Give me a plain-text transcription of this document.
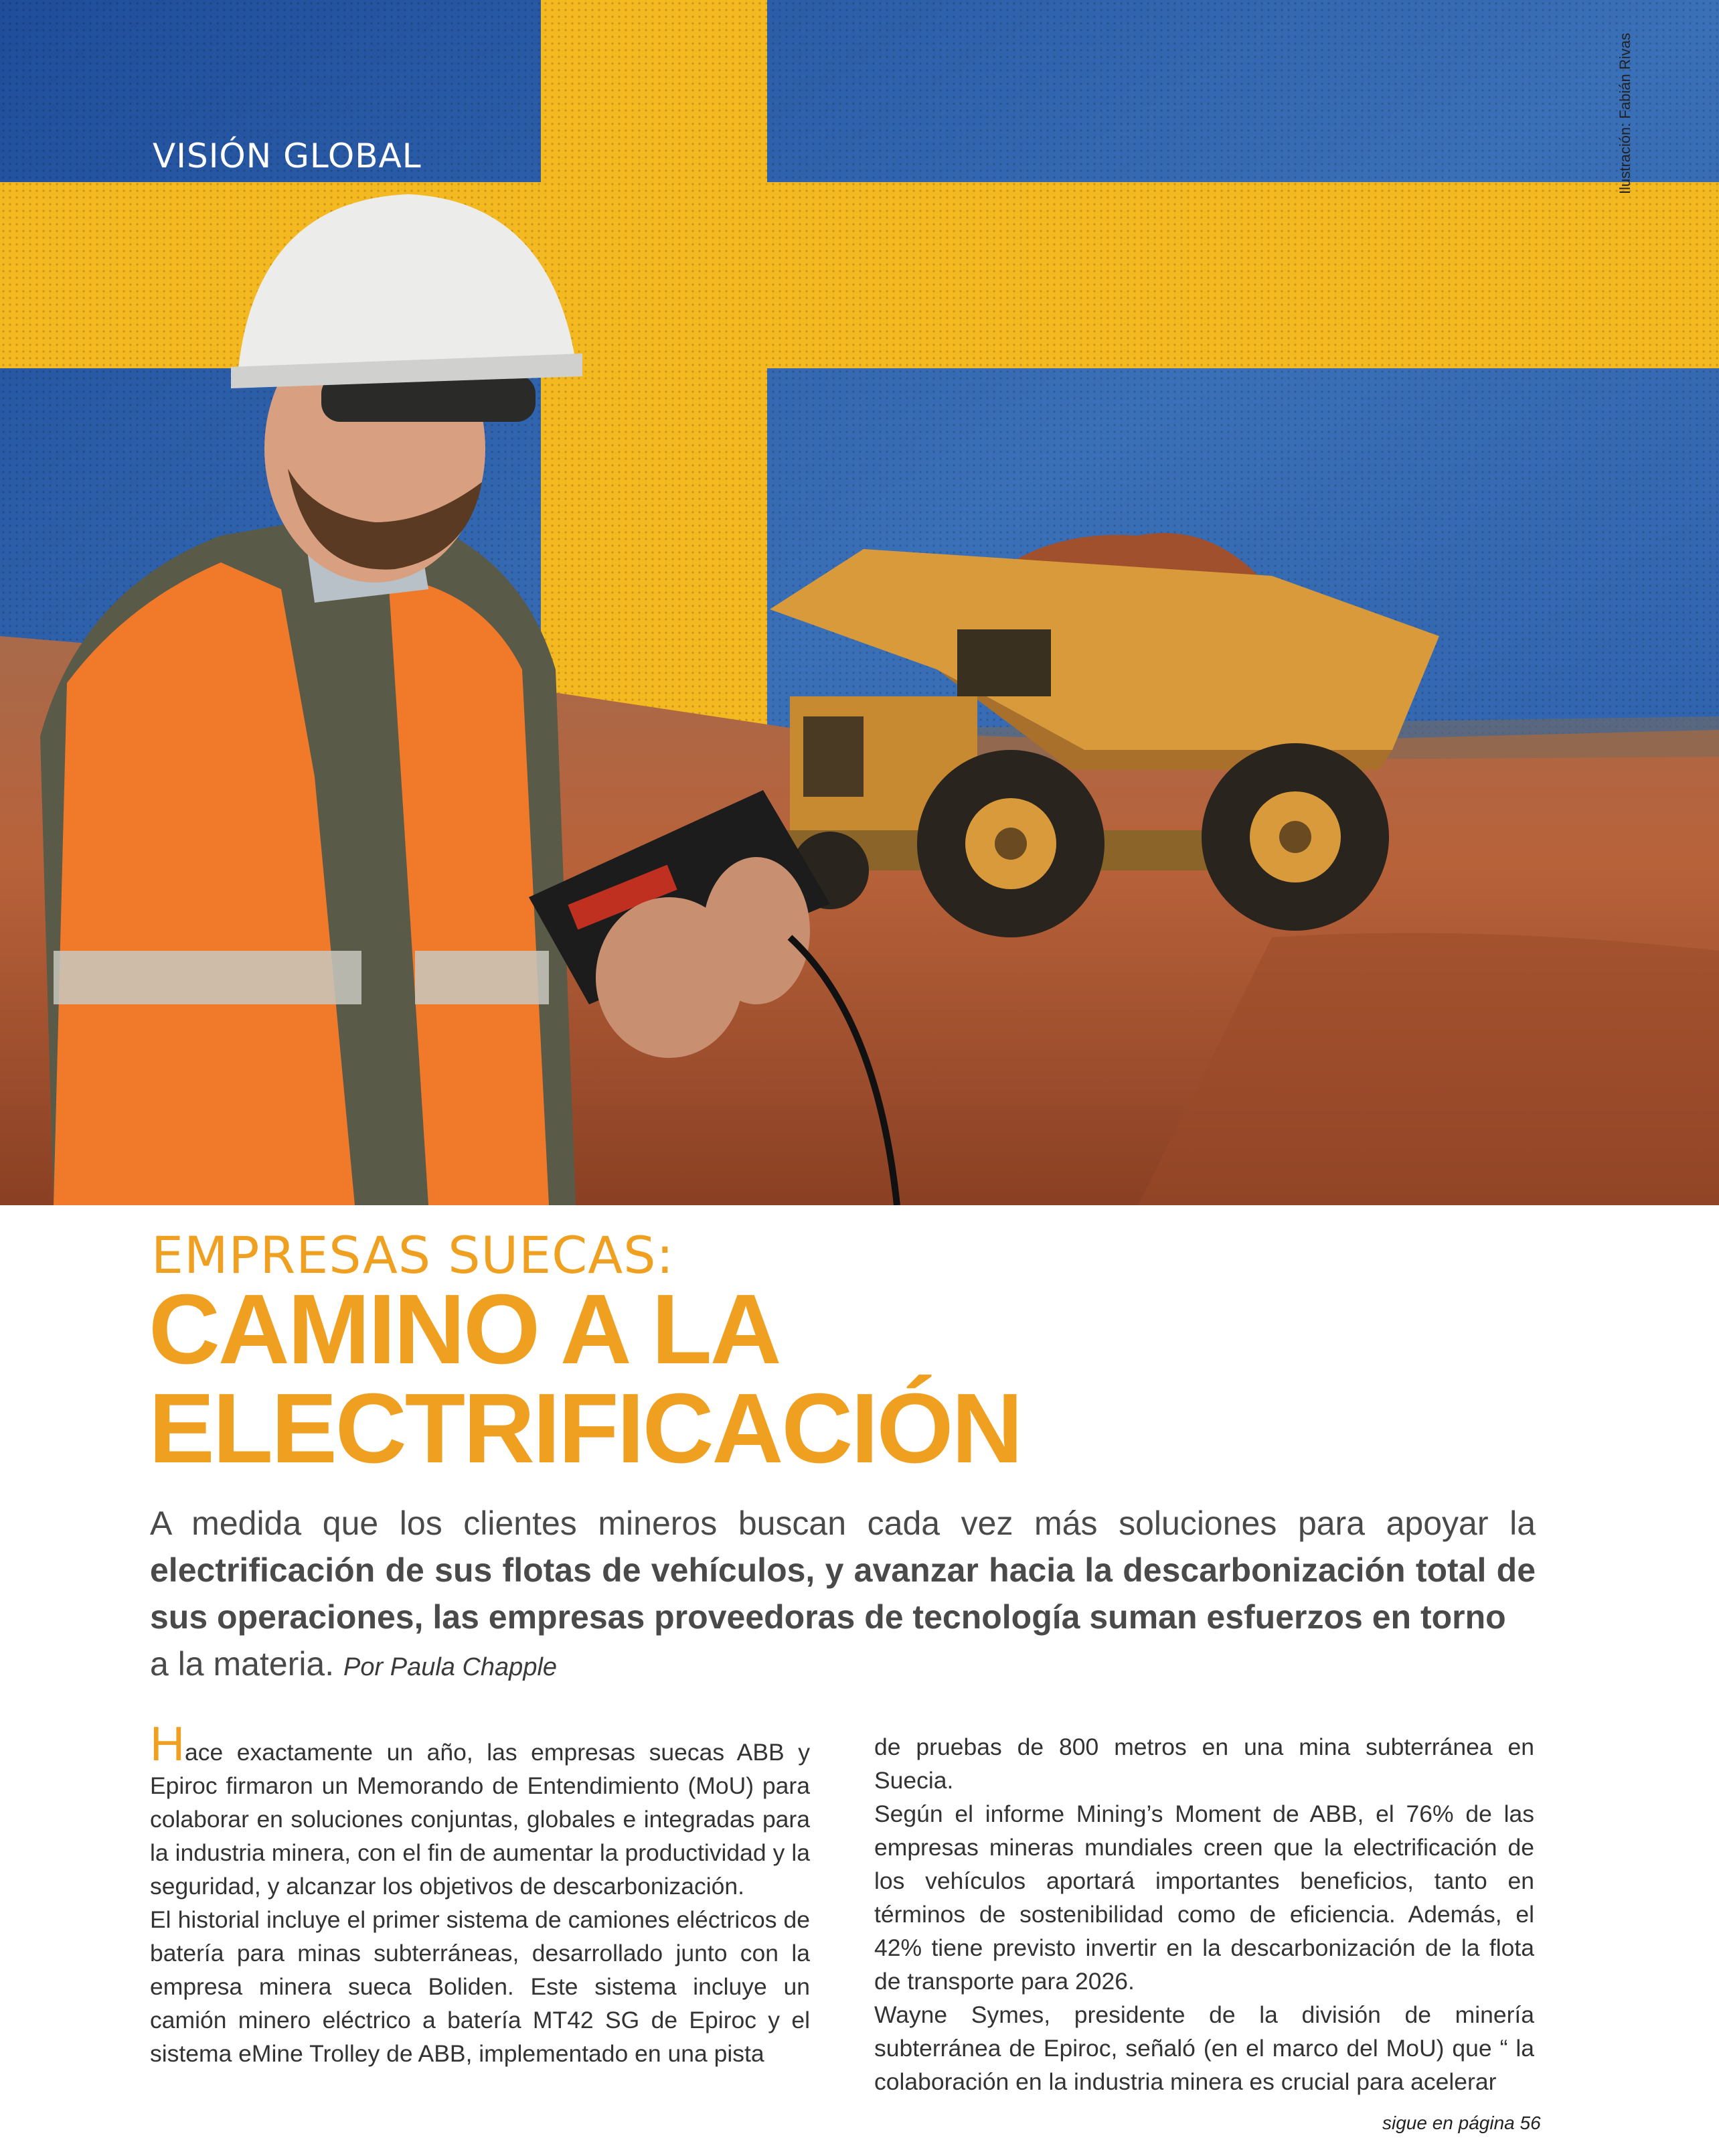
VISIÓN GLOBAL	Ilustración: Fabián Rivas
EMPRESAS SUECAS:
CAMINO A LA
ELECTRIFICACIÓN
A medida que los clientes mineros buscan cada vez más soluciones para apoyar la electrificación de sus flotas de vehículos, y avanzar hacia la descarbonización total de sus operaciones, las empresas proveedoras de tecnología suman esfuerzos en torno
a la materia. Por Paula Chapple

Hace exactamente un año, las empresas suecas ABB y Epiroc firmaron un Memorando de Entendimiento (MoU) para colaborar en soluciones conjuntas, globales e integradas para la industria minera, con el fin de aumentar la productividad y la seguridad, y alcanzar los objetivos de descarbonización.

El historial incluye el primer sistema de camiones eléctricos de batería para minas subterráneas, desarrollado junto con la empresa minera sueca Boliden. Este sistema incluye un camión minero eléctrico a batería MT42 SG de Epiroc y el sistema eMine Trolley de ABB, implementado en una pista

de pruebas de 800 metros en una mina subterránea en Suecia.

Según el informe Mining’s Moment de ABB, el 76% de las empresas mineras mundiales creen que la electrificación de los vehículos aportará importantes beneficios, tanto en términos de sostenibilidad como de eficiencia. Además, el 42% tiene previsto invertir en la descarbonización de la flota de transporte para 2026.

Wayne Symes, presidente de la división de minería subterránea de Epiroc, señaló (en el marco del MoU) que “ la colaboración en la industria minera es crucial para acelerar

sigue en página 56
